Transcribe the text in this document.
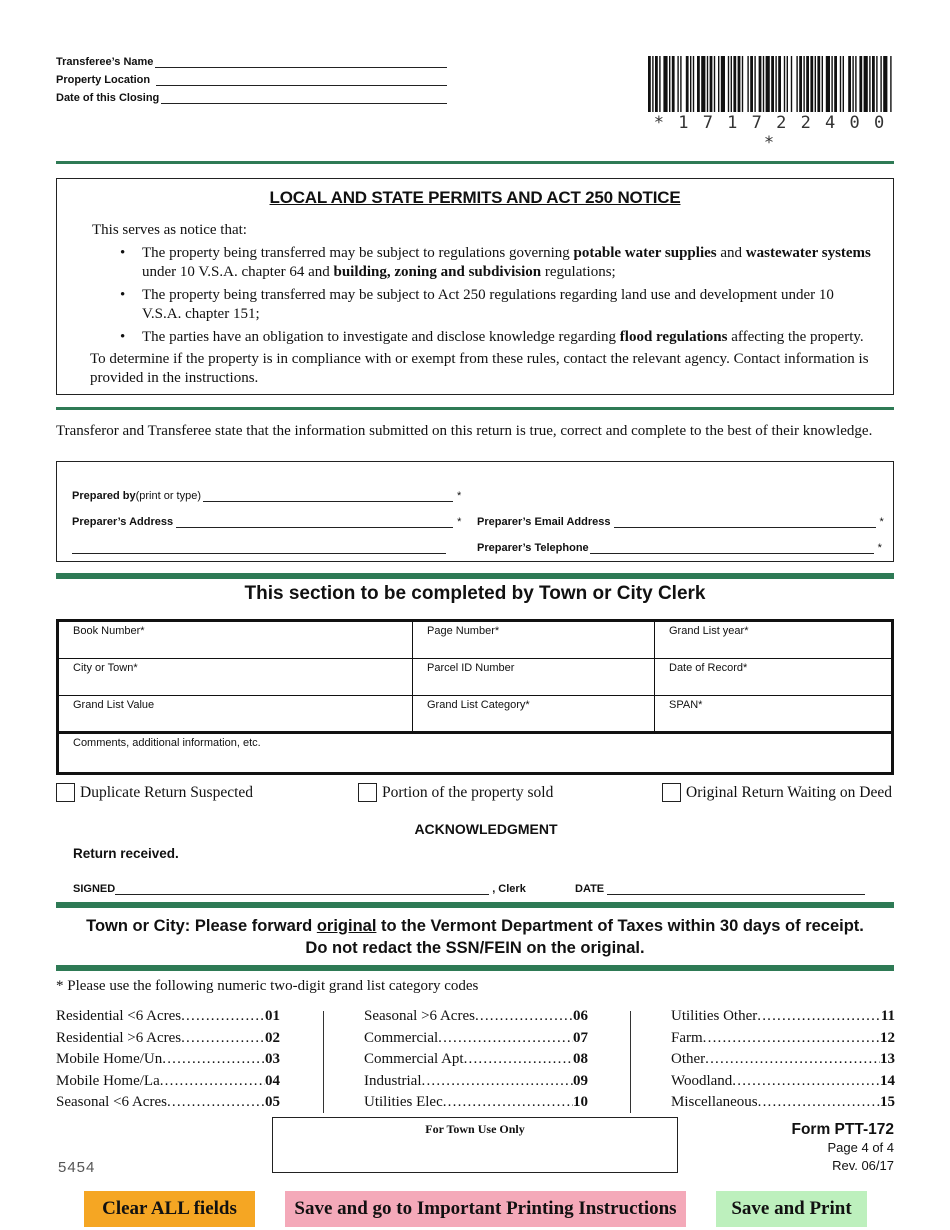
Transferee’s Name
Property Location
Date of this Closing
* 1 7 1 7 2 2 4 0 0 *
LOCAL AND STATE PERMITS AND ACT 250 NOTICE
This serves as notice that:
• The property being transferred may be subject to regulations governing potable water supplies and wastewater systems under 10 V.S.A. chapter 64 and building, zoning and subdivision regulations;
• The property being transferred may be subject to Act 250 regulations regarding land use and development under 10 V.S.A. chapter 151;
• The parties have an obligation to investigate and disclose knowledge regarding flood regulations affecting the property.
To determine if the property is in compliance with or exempt from these rules, contact the relevant agency. Contact information is provided in the instructions.
Transferor and Transferee state that the information submitted on this return is true, correct and complete to the best of their knowledge.
Prepared by (print or type)	*
Preparer’s Address	* Preparer’s Email Address	*
Preparer’s Telephone	*
This section to be completed by Town or City Clerk
Book Number*	Page Number*	Grand List year*
City or Town*	Parcel ID Number	Date of Record*
Grand List Value	Grand List Category*	SPAN*
Comments, additional information, etc.		
Duplicate Return Suspected	Portion of the property sold	Original Return Waiting on Deed
ACKNOWLEDGMENT
Return received.
SIGNED	, Clerk	DATE
Town or City: Please forward original to the Vermont Department of Taxes within 30 days of receipt.
Do not redact the SSN/FEIN on the original.
* Please use the following numeric two-digit grand list category codes
Residential <6 Acres .....	01
Residential >6 Acres .....	02
Mobile Home/Un .....	03
Mobile Home/La .....	04
Seasonal <6 Acres .....	05
Seasonal >6 Acres .....	06
Commercial .....	07
Commercial Apt .....	08
Industrial .....	09
Utilities Elec .....	10
Utilities Other .....	11
Farm .....	12
Other .....	13
Woodland .....	14
Miscellaneous .....	15
For Town Use Only
5454
Form PTT-172
Page 4 of 4
Rev. 06/17
Clear ALL fields	Save and go to Important Printing Instructions	Save and Print
